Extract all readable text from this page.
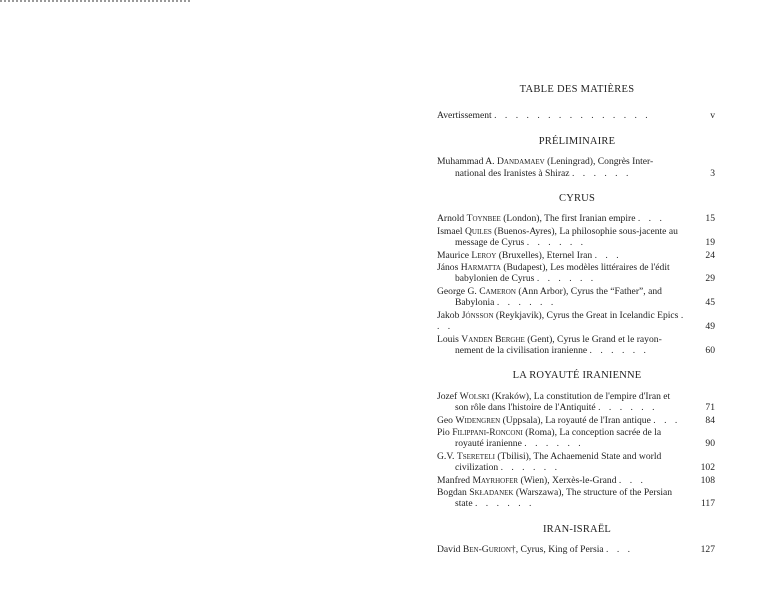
TABLE DES MATIÈRES
Avertissement . . . . . . . . . . . . . . .	v
PRÉLIMINAIRE
Muhammad A. Dandamaev (Leningrad), Congrès Inter-
national des Iranistes à Shiraz . . . . . .	3
CYRUS
Arnold Toynbee (London), The first Iranian empire . . .	15
Ismael Quiles (Buenos-Ayres), La philosophie sous-jacente au
message de Cyrus . . . . . .	19
Maurice Leroy (Bruxelles), Eternel Iran . . .	24
János Harmatta (Budapest), Les modèles littéraires de l'édit
babylonien de Cyrus . . . . . .	29
George G. Cameron (Ann Arbor), Cyrus the “Father”, and
Babylonia . . . . . .	45
Jakob Jónsson (Reykjavik), Cyrus the Great in Icelandic Epics . . .	49
Louis Vanden Berghe (Gent), Cyrus le Grand et le rayon-
nement de la civilisation iranienne . . . . . .	60
LA ROYAUTÉ IRANIENNE
Jozef Wolski (Kraków), La constitution de l'empire d'Iran et
son rôle dans l'histoire de l'Antiquité . . . . . .	71
Geo Widengren (Uppsala), La royauté de l'Iran antique . . .	84
Pio Filippani-Ronconi (Roma), La conception sacrée de la
royauté iranienne . . . . . .	90
G.V. Tsereteli (Tbilisi), The Achaemenid State and world
civilization . . . . . .	102
Manfred Mayrhofer (Wien), Xerxès-le-Grand . . .	108
Bogdan Składanek (Warszawa), The structure of the Persian
state . . . . . .	117
IRAN-ISRAËL
David Ben-Gurion†, Cyrus, King of Persia . . .	127
